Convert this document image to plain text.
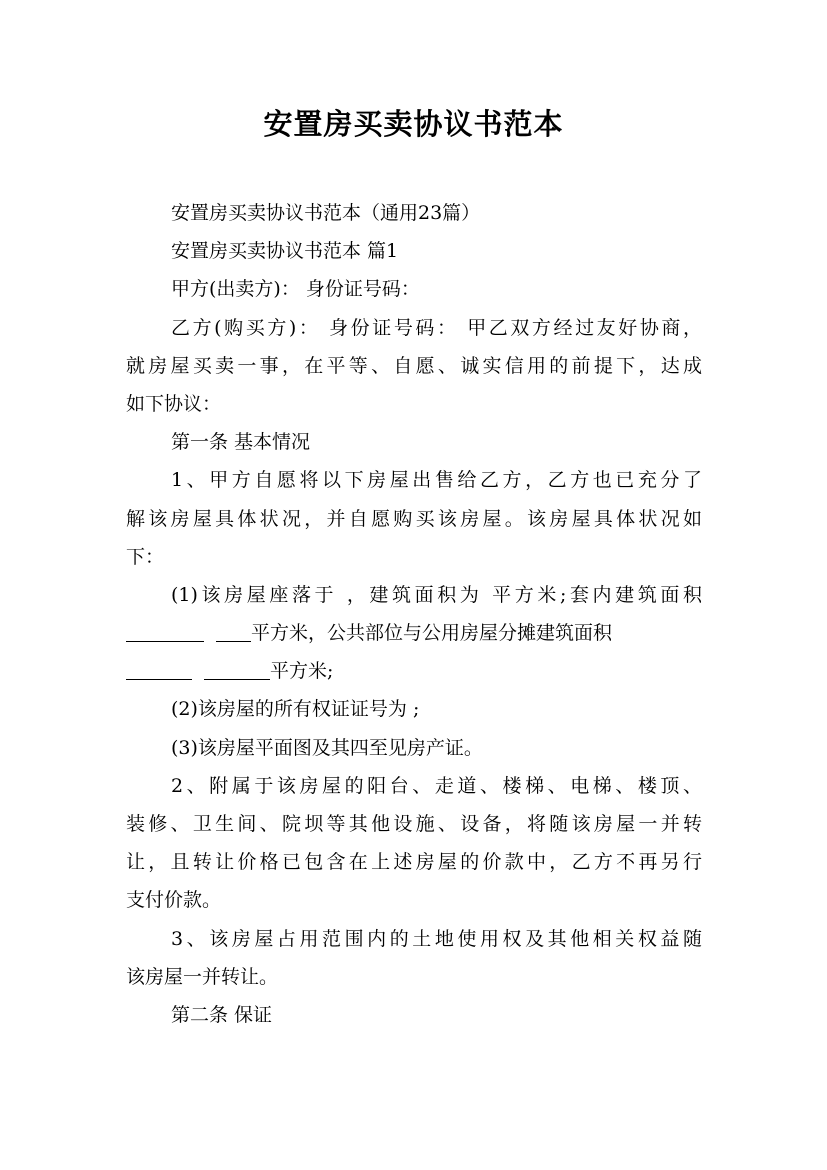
安置房买卖协议书范本
安置房买卖协议书范本（通用23篇）
安置房买卖协议书范本 篇1
甲方(出卖方)： 身份证号码：
乙方(购买方)： 身份证号码： 甲乙双方经过友好协商，
就房屋买卖一事，在平等、自愿、诚实信用的前提下，达成
如下协议：
第一条 基本情况
1、甲方自愿将以下房屋出售给乙方，乙方也已充分了
解该房屋具体状况，并自愿购买该房屋。该房屋具体状况如
下：
(1)该房屋座落于 ，建筑面积为 平方米;套内建筑面积
平方米，公共部位与公用房屋分摊建筑面积
平方米;
(2)该房屋的所有权证证号为 ;
(3)该房屋平面图及其四至见房产证。
2、附属于该房屋的阳台、走道、楼梯、电梯、楼顶、
装修、卫生间、院坝等其他设施、设备，将随该房屋一并转
让，且转让价格已包含在上述房屋的价款中，乙方不再另行
支付价款。
3、该房屋占用范围内的土地使用权及其他相关权益随
该房屋一并转让。
第二条 保证
